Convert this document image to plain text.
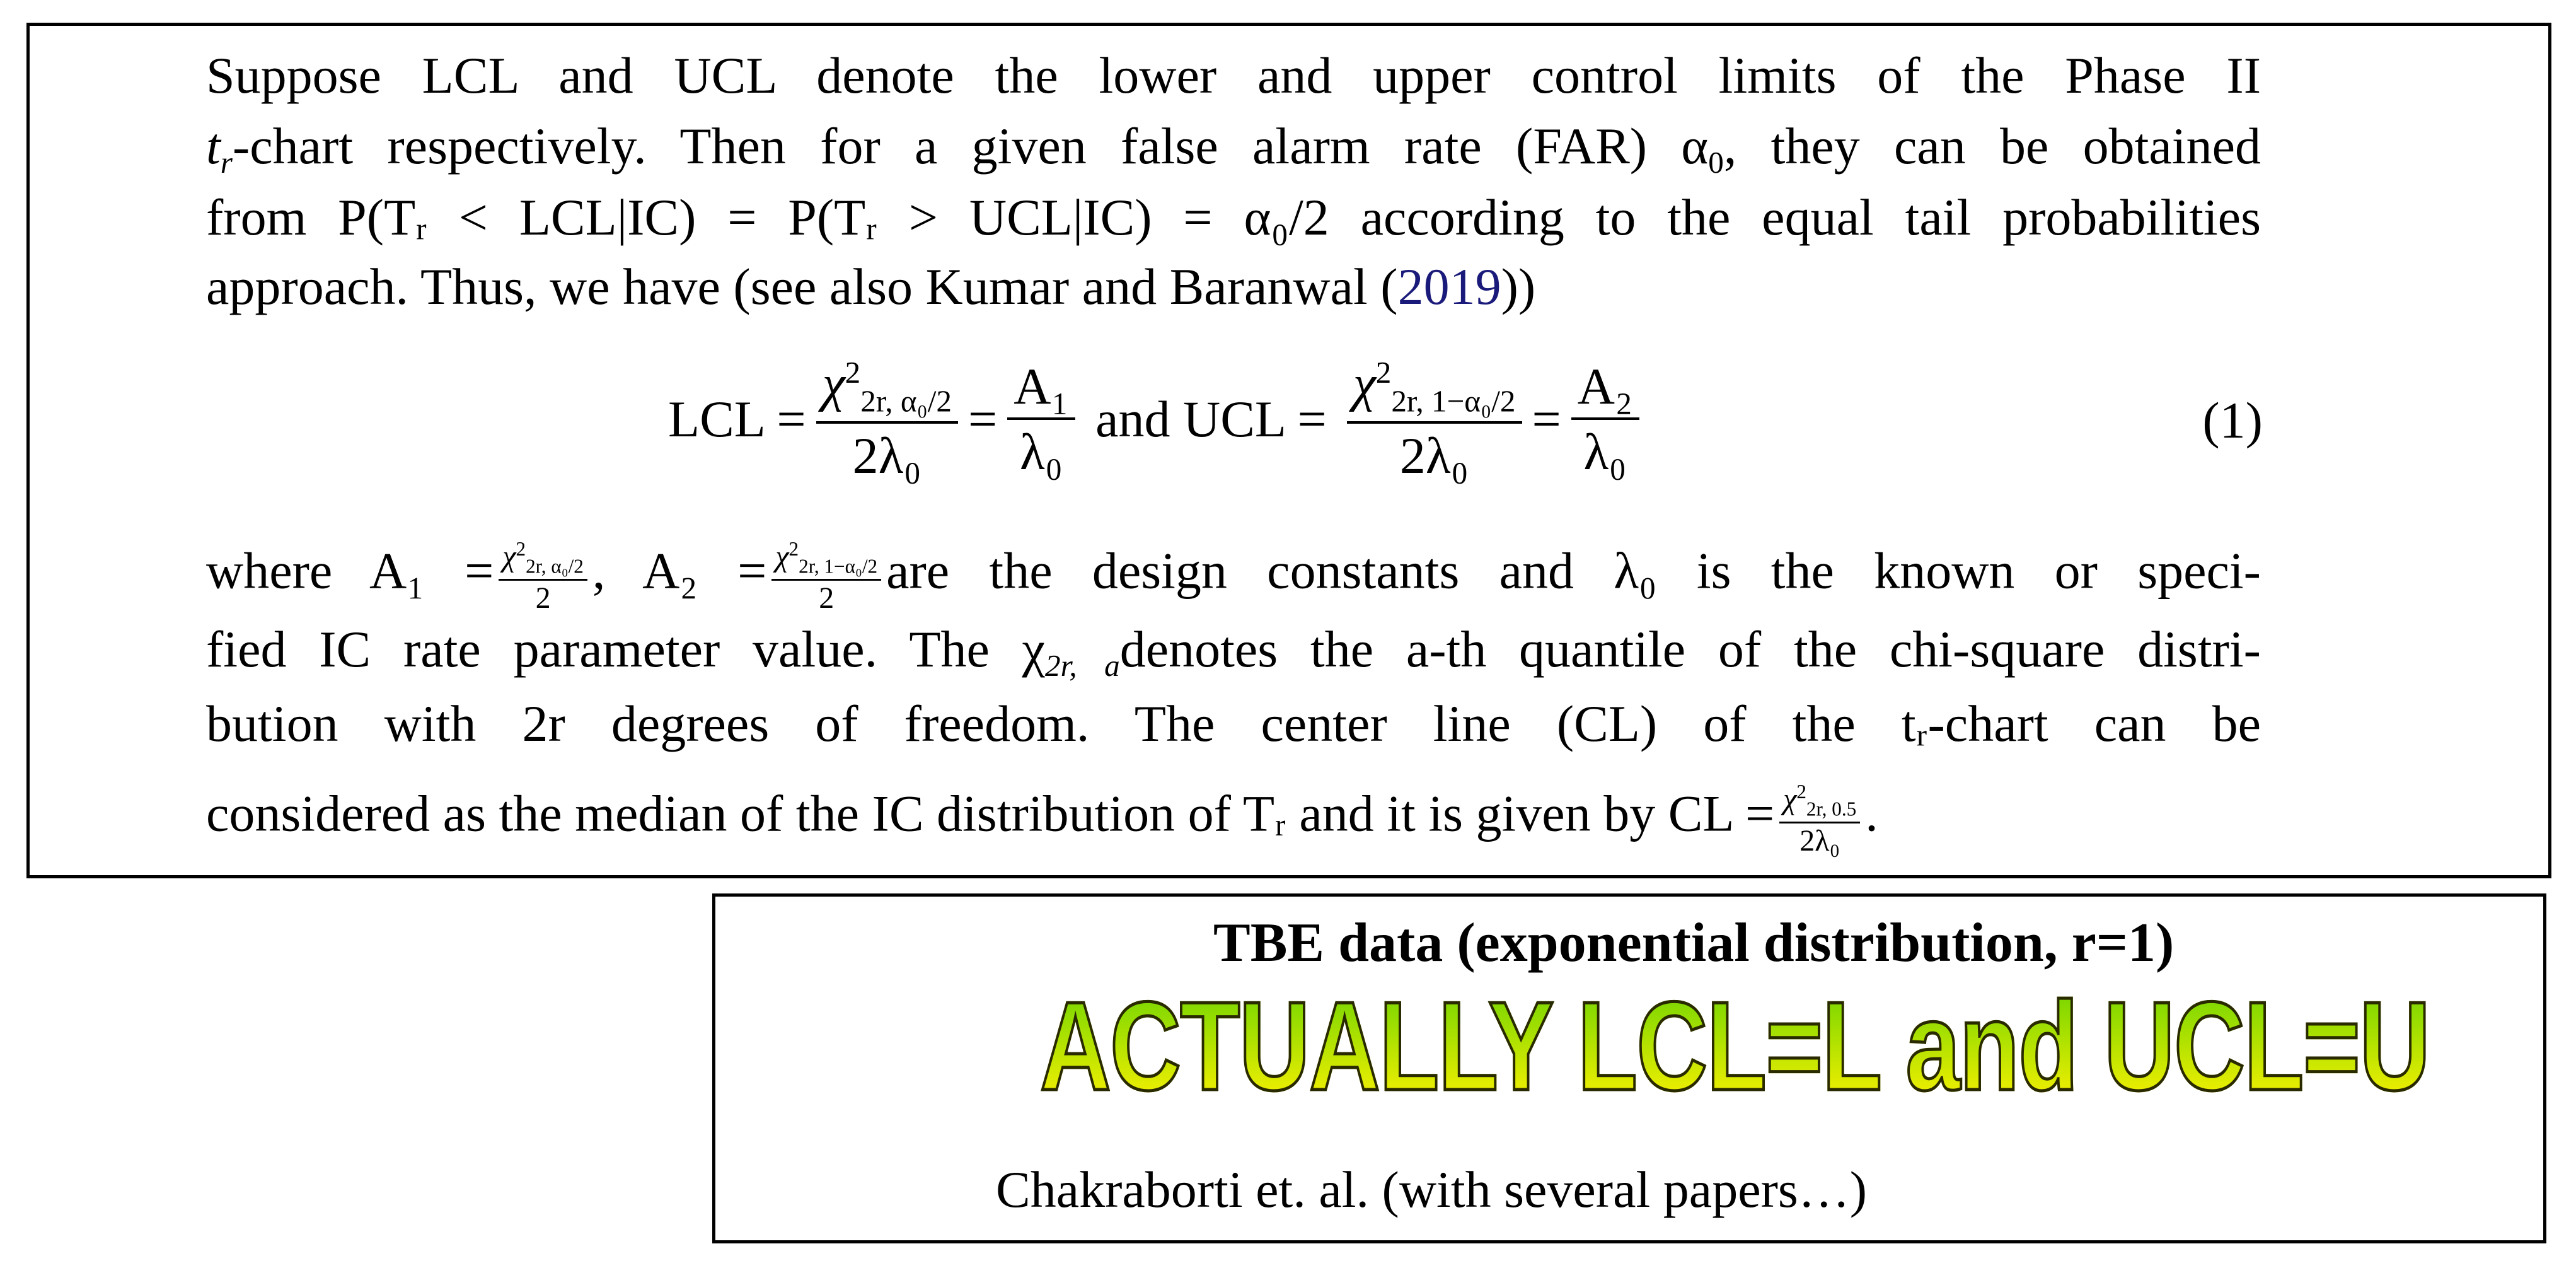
Suppose LCL and UCL denote the lower and upper control limits of the Phase II
$t_r$-chart respectively. Then for a given false alarm rate (FAR) $\alpha_0$, they can be obtained
from P(Tᵣ < LCL|IC) = P(Tᵣ > UCL|IC) = α₀/2 according to the equal tail probabilities
approach. Thus, we have (see also Kumar and Baranwal (2019))
LCL = $\frac{\chi^2_{2r, \alpha_0/2}}{\text{2λ₀}} = \frac{\text{A₁}}{\text{λ₀}}$ and UCL = $\frac{\chi^2_{2r, 1-\alpha_0/2}}{\text{2λ₀}} = \frac{\text{A₂}}{\text{λ₀}}$	(1)
where $A_1 = \frac{\chi^2_{2r, \alpha_0/2}}{2}$ , $A_2 = \frac{\chi^2_{2r, 1-\alpha_0/2}}{2}$ are the design constants and λ₀ is the known or speci-
fied IC rate parameter value. The $\chi_{2r, a}denotes$ the a-th quantile of the chi-square distri-
bution with 2r degrees of freedom. The center line (CL) of the tᵣ-chart can be
considered as the median of the IC distribution of Tᵣ and it is given by CL = $\frac{\chi^2_{2r, 0.5}}{\text{2λ₀}}$ .
TBE data (exponential distribution, r=1)
ACTUALLY LCL=L and UCL=U
Chakraborti et. al. (with several papers…)
